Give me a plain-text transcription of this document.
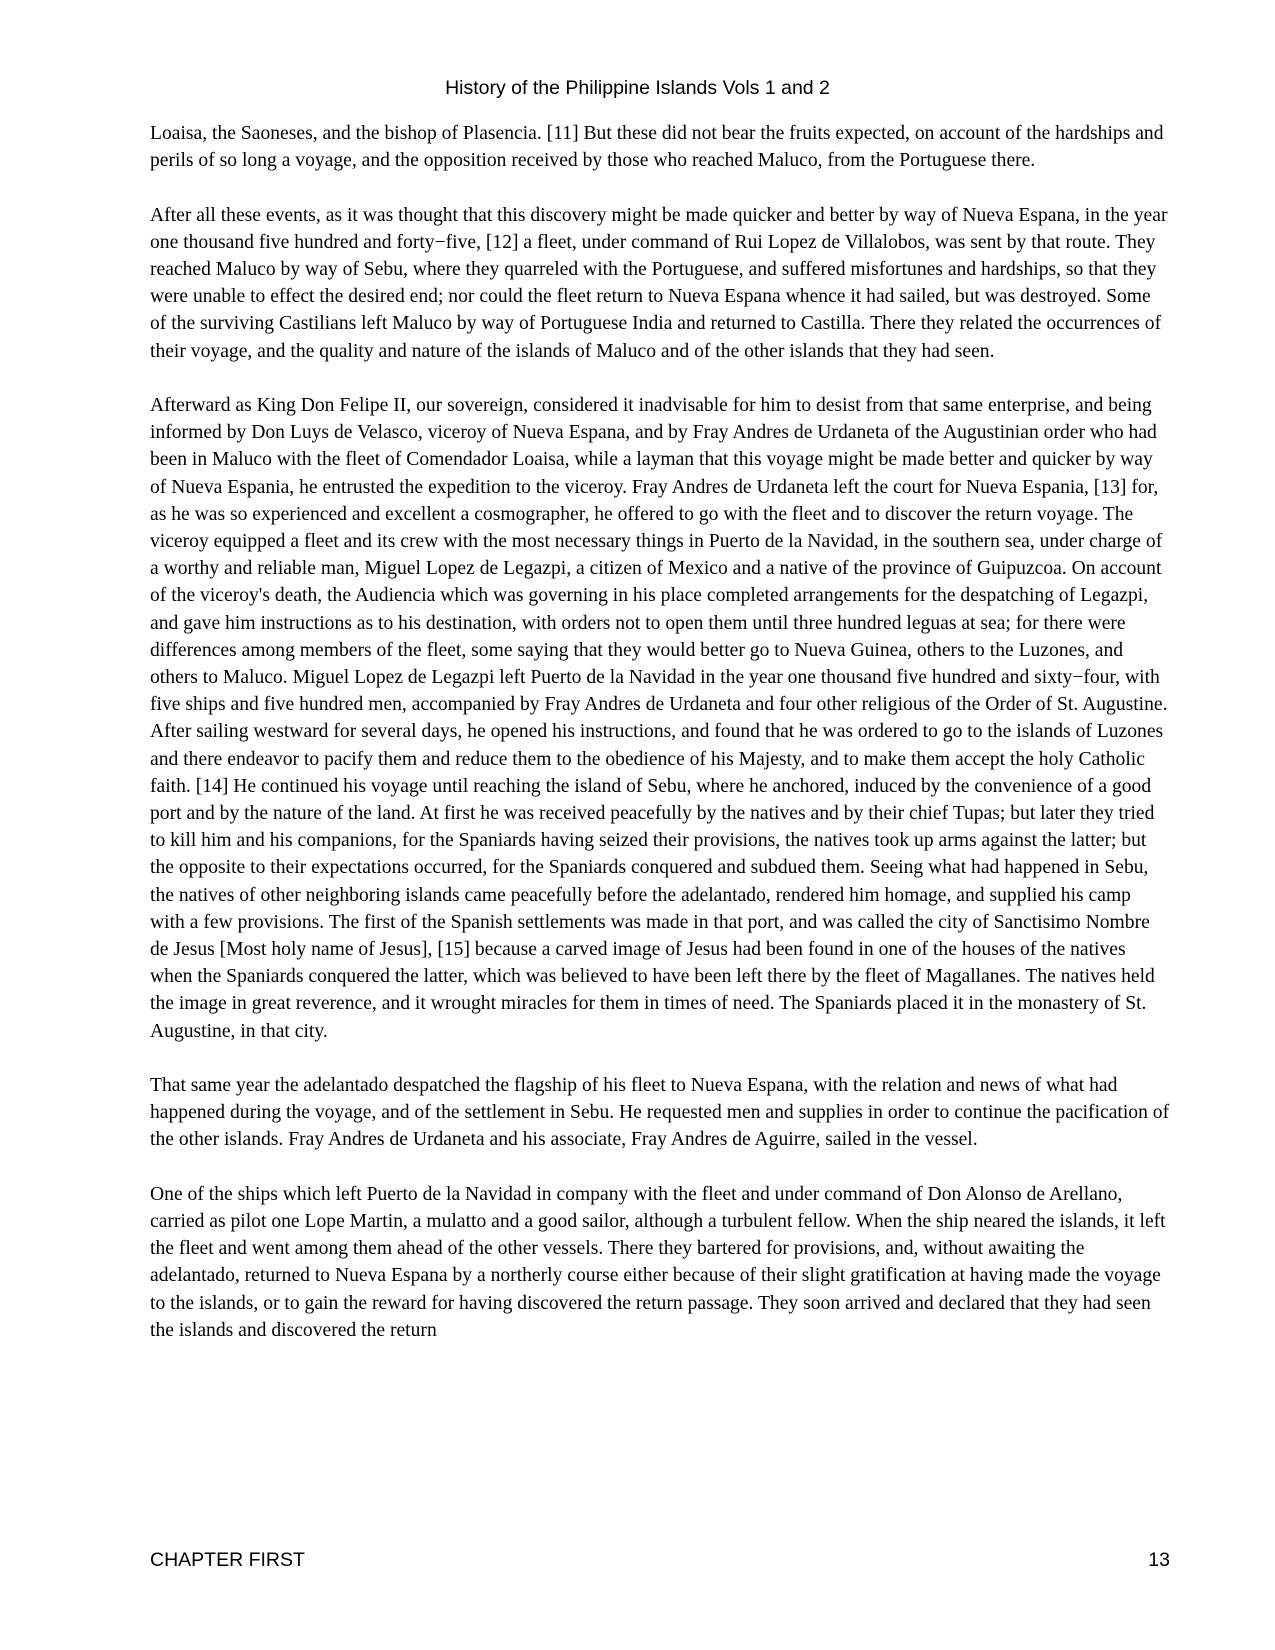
History of the Philippine Islands Vols 1 and 2

Loaisa, the Saoneses, and the bishop of Plasencia. [11] But these did not bear the fruits expected, on account of the hardships and perils of so long a voyage, and the opposition received by those who reached Maluco, from the Portuguese there.

After all these events, as it was thought that this discovery might be made quicker and better by way of Nueva Espana, in the year one thousand five hundred and forty−five, [12] a fleet, under command of Rui Lopez de Villalobos, was sent by that route. They reached Maluco by way of Sebu, where they quarreled with the Portuguese, and suffered misfortunes and hardships, so that they were unable to effect the desired end; nor could the fleet return to Nueva Espana whence it had sailed, but was destroyed. Some of the surviving Castilians left Maluco by way of Portuguese India and returned to Castilla. There they related the occurrences of their voyage, and the quality and nature of the islands of Maluco and of the other islands that they had seen.

Afterward as King Don Felipe II, our sovereign, considered it inadvisable for him to desist from that same enterprise, and being informed by Don Luys de Velasco, viceroy of Nueva Espana, and by Fray Andres de Urdaneta of the Augustinian order who had been in Maluco with the fleet of Comendador Loaisa, while a layman that this voyage might be made better and quicker by way of Nueva Espania, he entrusted the expedition to the viceroy. Fray Andres de Urdaneta left the court for Nueva Espania, [13] for, as he was so experienced and excellent a cosmographer, he offered to go with the fleet and to discover the return voyage. The viceroy equipped a fleet and its crew with the most necessary things in Puerto de la Navidad, in the southern sea, under charge of a worthy and reliable man, Miguel Lopez de Legazpi, a citizen of Mexico and a native of the province of Guipuzcoa. On account of the viceroy's death, the Audiencia which was governing in his place completed arrangements for the despatching of Legazpi, and gave him instructions as to his destination, with orders not to open them until three hundred leguas at sea; for there were differences among members of the fleet, some saying that they would better go to Nueva Guinea, others to the Luzones, and others to Maluco. Miguel Lopez de Legazpi left Puerto de la Navidad in the year one thousand five hundred and sixty−four, with five ships and five hundred men, accompanied by Fray Andres de Urdaneta and four other religious of the Order of St. Augustine. After sailing westward for several days, he opened his instructions, and found that he was ordered to go to the islands of Luzones and there endeavor to pacify them and reduce them to the obedience of his Majesty, and to make them accept the holy Catholic faith. [14] He continued his voyage until reaching the island of Sebu, where he anchored, induced by the convenience of a good port and by the nature of the land. At first he was received peacefully by the natives and by their chief Tupas; but later they tried to kill him and his companions, for the Spaniards having seized their provisions, the natives took up arms against the latter; but the opposite to their expectations occurred, for the Spaniards conquered and subdued them. Seeing what had happened in Sebu, the natives of other neighboring islands came peacefully before the adelantado, rendered him homage, and supplied his camp with a few provisions. The first of the Spanish settlements was made in that port, and was called the city of Sanctisimo Nombre de Jesus [Most holy name of Jesus], [15] because a carved image of Jesus had been found in one of the houses of the natives when the Spaniards conquered the latter, which was believed to have been left there by the fleet of Magallanes. The natives held the image in great reverence, and it wrought miracles for them in times of need. The Spaniards placed it in the monastery of St. Augustine, in that city.

That same year the adelantado despatched the flagship of his fleet to Nueva Espana, with the relation and news of what had happened during the voyage, and of the settlement in Sebu. He requested men and supplies in order to continue the pacification of the other islands. Fray Andres de Urdaneta and his associate, Fray Andres de Aguirre, sailed in the vessel.

One of the ships which left Puerto de la Navidad in company with the fleet and under command of Don Alonso de Arellano, carried as pilot one Lope Martin, a mulatto and a good sailor, although a turbulent fellow. When the ship neared the islands, it left the fleet and went among them ahead of the other vessels. There they bartered for provisions, and, without awaiting the adelantado, returned to Nueva Espana by a northerly course either because of their slight gratification at having made the voyage to the islands, or to gain the reward for having discovered the return passage. They soon arrived and declared that they had seen the islands and discovered the return

CHAPTER FIRST	13
